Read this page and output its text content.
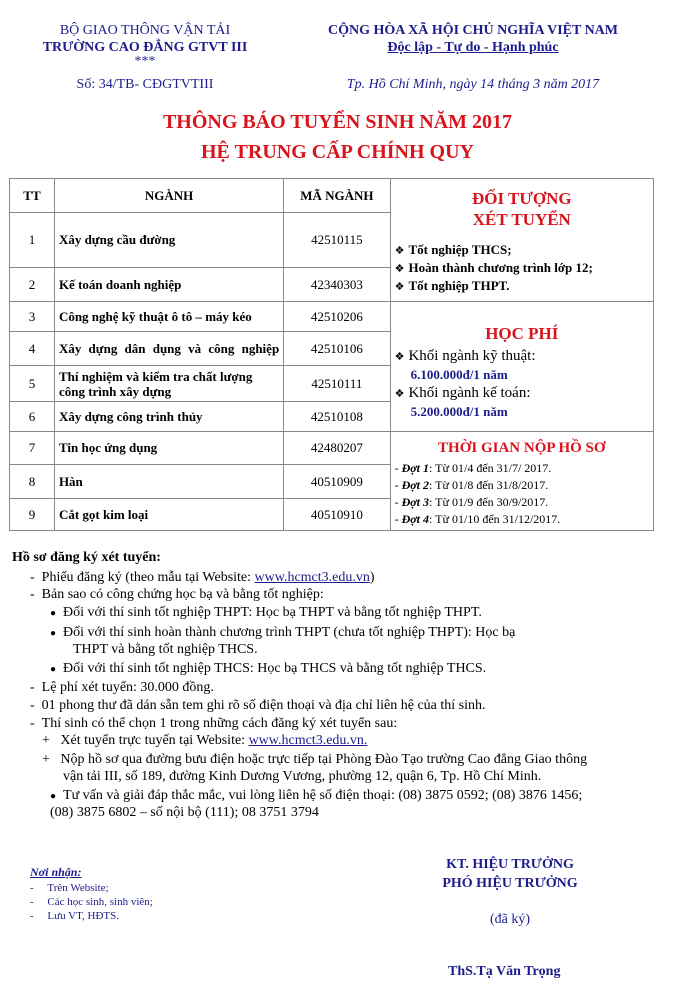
BỘ GIAO THÔNG VẬN TẢI
TRƯỜNG CAO ĐẲNG GTVT III
***
Số: 34/TB- CĐGTVTIII
CỘNG HÒA XÃ HỘI CHỦ NGHĨA VIỆT NAM
Độc lập - Tự do - Hạnh phúc
Tp. Hồ Chí Minh, ngày 14 tháng 3 năm 2017
THÔNG BÁO TUYỂN SINH NĂM 2017
HỆ TRUNG CẤP CHÍNH QUY
TT	NGÀNH	MÃ NGÀNH	ĐỐI TƯỢNG
XÉT TUYỂN
❖ Tốt nghiệp THCS;
❖ Hoàn thành chương trình lớp 12;
❖ Tốt nghiệp THPT.

1	Xây dựng cầu đường	42510115	
2	Kế toán doanh nghiệp	42340303	
3	Công nghệ kỹ thuật ô tô – máy kéo	42510206	HỌC PHÍ
❖ Khối ngành kỹ thuật:
6.100.000đ/1 năm
❖ Khối ngành kế toán:
5.200.000đ/1 năm

4	Xây dựng dân dụng và công nghiệp	42510106	
5	Thí nghiệm và kiểm tra chất lượng công trình xây dựng	42510111	
6	Xây dựng công trình thủy	42510108	
7	Tin học ứng dụng	42480207	THỜI GIAN NỘP HỒ SƠ
- Đợt 1: Từ 01/4 đến 31/7/ 2017.
- Đợt 2: Từ 01/8 đến 31/8/2017.
- Đợt 3: Từ 01/9 đến 30/9/2017.
- Đợt 4: Từ 01/10 đến 31/12/2017.

8	Hàn	40510909	
9	Cắt gọt kim loại	40510910	
Hồ sơ đăng ký xét tuyển:
-  Phiếu đăng ký (theo mẫu tại Website: www.hcmct3.edu.vn)
-  Bản sao có công chứng học bạ và bằng tốt nghiệp:
● Đối với thí sinh tốt nghiệp THPT: Học bạ THPT và bằng tốt nghiệp THPT.
● Đối với thí sinh hoàn thành chương trình THPT (chưa tốt nghiệp THPT): Học bạ
THPT và bằng tốt nghiệp THCS.
● Đối với thí sinh tốt nghiệp THCS: Học bạ THCS và bằng tốt nghiệp THCS.
-  Lệ phí xét tuyển: 30.000 đồng.
-  01 phong thư đã dán sẵn tem ghi rõ số điện thoại và địa chỉ liên hệ của thí sinh.
-  Thí sinh có thể chọn 1 trong những cách đăng ký xét tuyển sau:
+   Xét tuyển trực tuyến tại Website: www.hcmct3.edu.vn.
+   Nộp hồ sơ qua đường bưu điện hoặc trực tiếp tại Phòng Đào Tạo trường Cao đẳng Giao thông
vận tải III, số 189, đường Kinh Dương Vương, phường 12, quận 6, Tp. Hồ Chí Minh.
● Tư vấn và giải đáp thắc mắc, vui lòng liên hệ số điện thoại: (08) 3875 0592; (08) 3876 1456;
(08) 3875 6802 – số nội bộ (111); 08 3751 3794
Nơi nhận:
-     Trên Website;
-     Các học sinh, sinh viên;
-     Lưu VT, HĐTS.
KT. HIỆU TRƯỞNG
PHÓ HIỆU TRƯỞNG
(đã ký)
ThS.Tạ Văn Trọng
